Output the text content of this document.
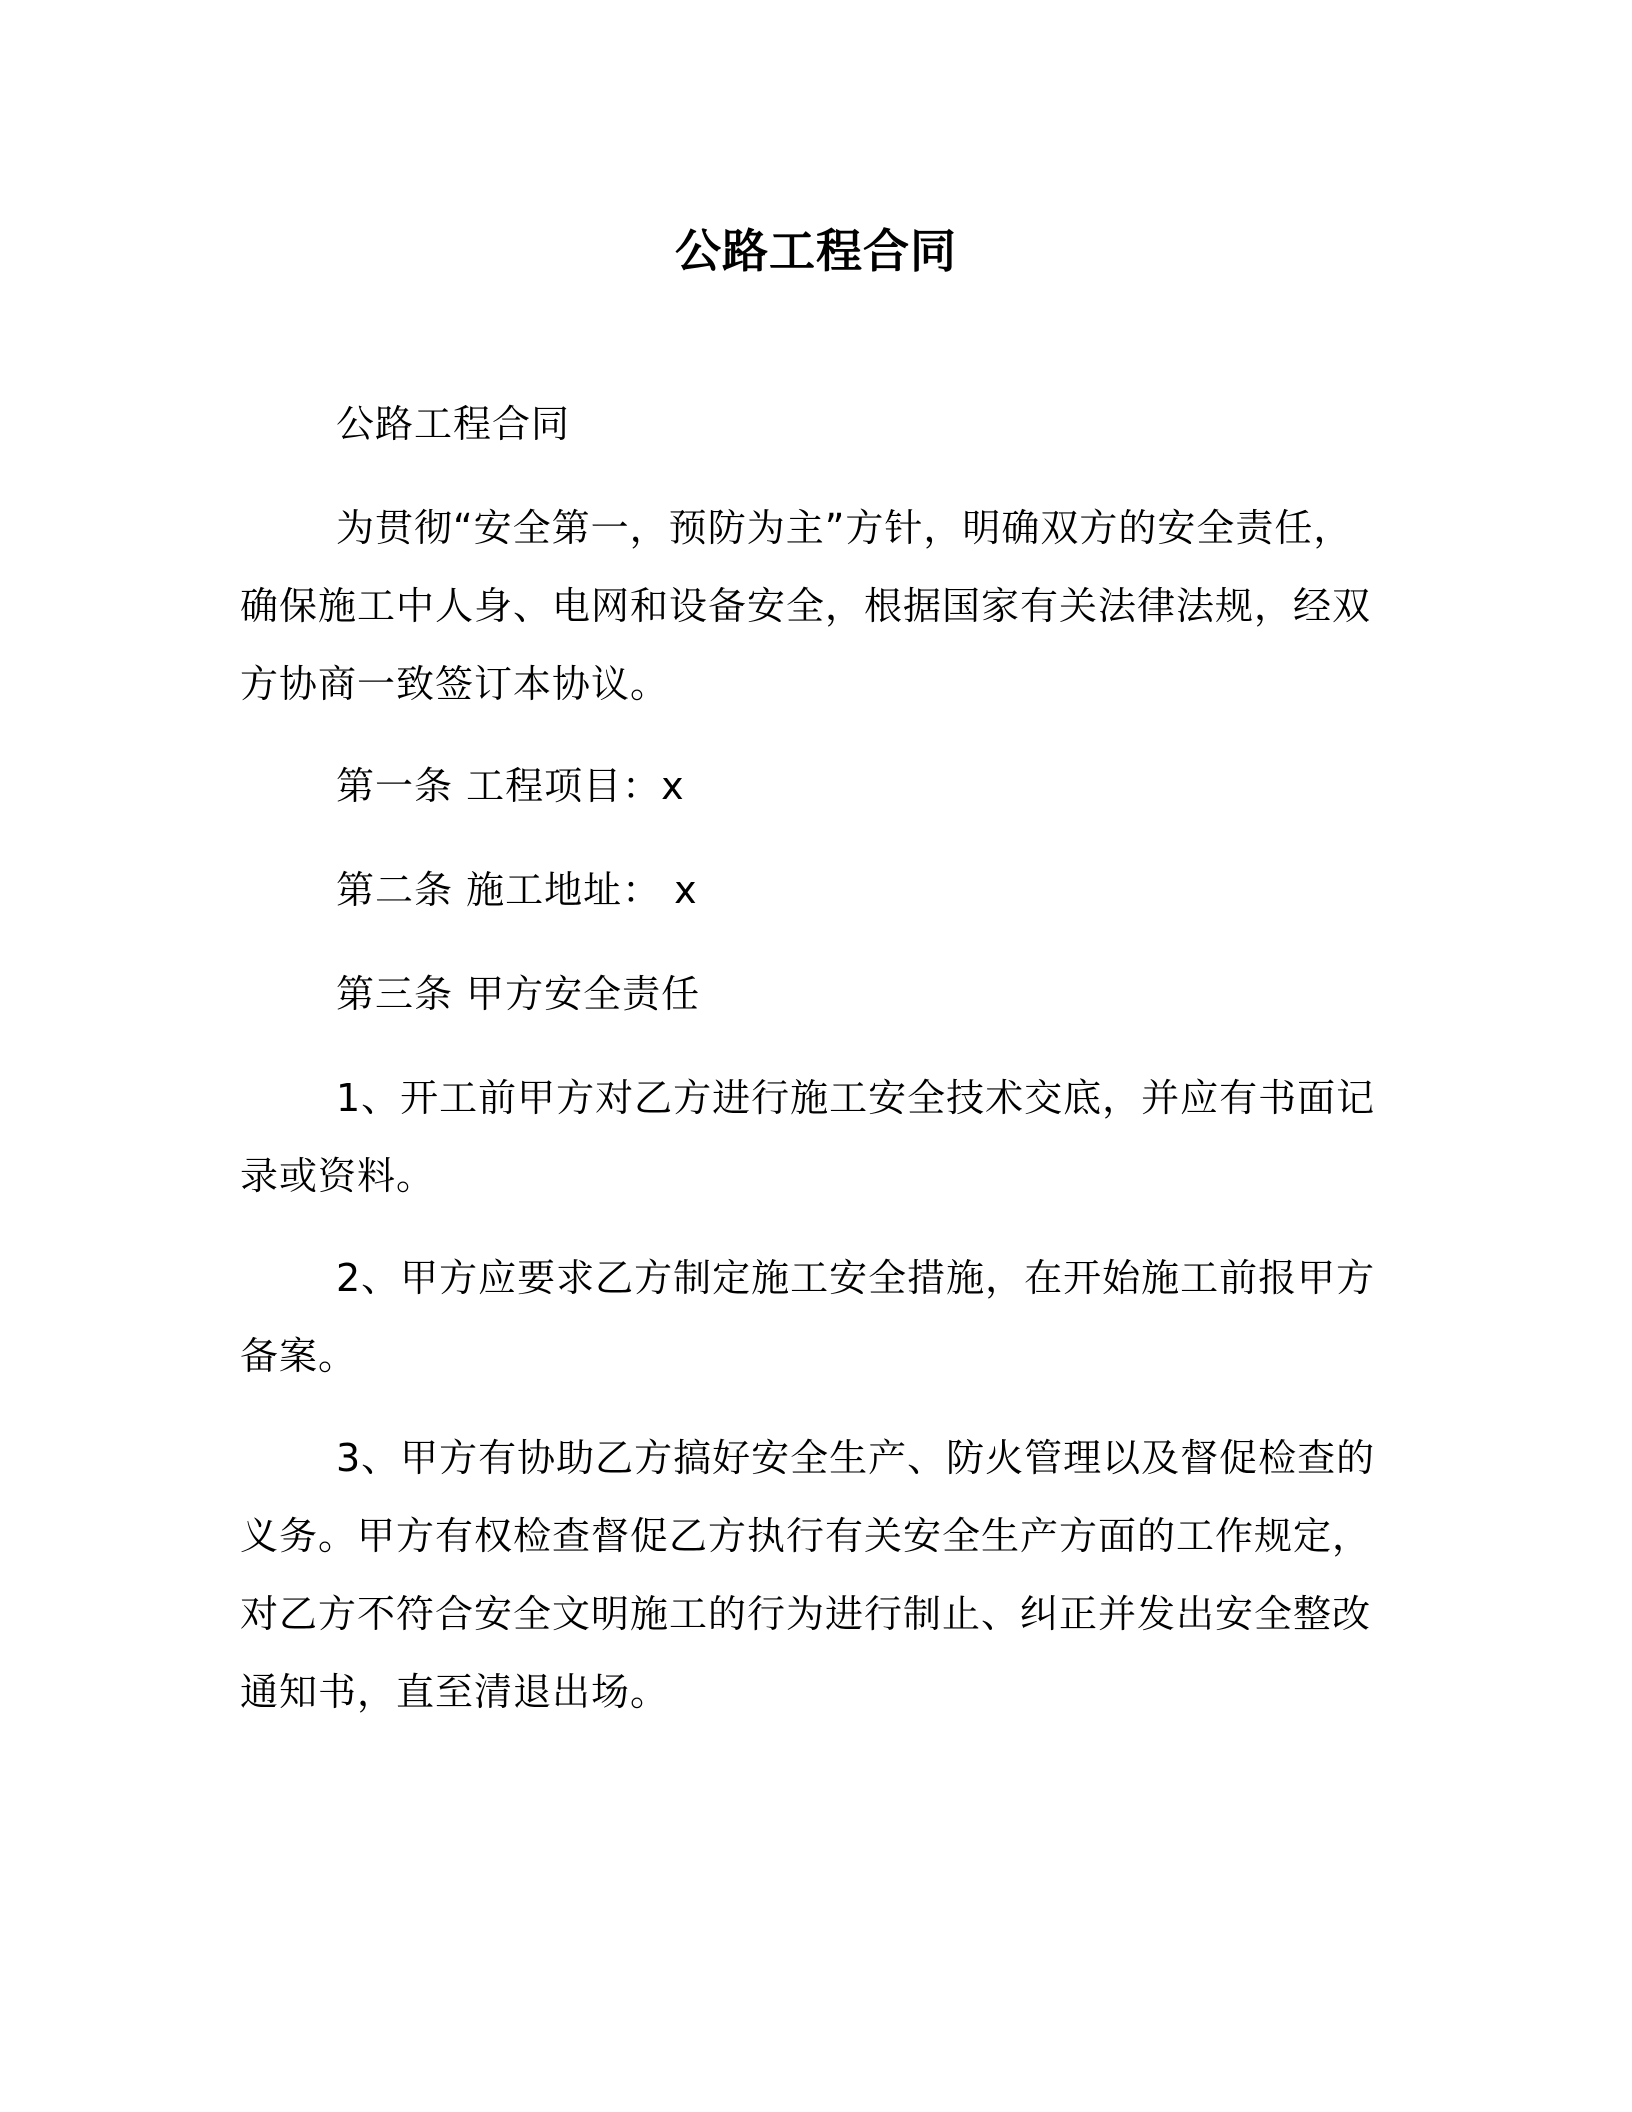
公路工程合同

公路工程合同

为贯彻“安全第一，预防为主”方针，明确双方的安全责任，确保施工中人身、电网和设备安全，根据国家有关法律法规，经双方协商一致签订本协议。

第一条 工程项目：x

第二条 施工地址： x

第三条 甲方安全责任

1、开工前甲方对乙方进行施工安全技术交底，并应有书面记录或资料。

2、甲方应要求乙方制定施工安全措施，在开始施工前报甲方备案。

3、甲方有协助乙方搞好安全生产、防火管理以及督促检查的义务。甲方有权检查督促乙方执行有关安全生产方面的工作规定，对乙方不符合安全文明施工的行为进行制止、纠正并发出安全整改通知书，直至清退出场。
